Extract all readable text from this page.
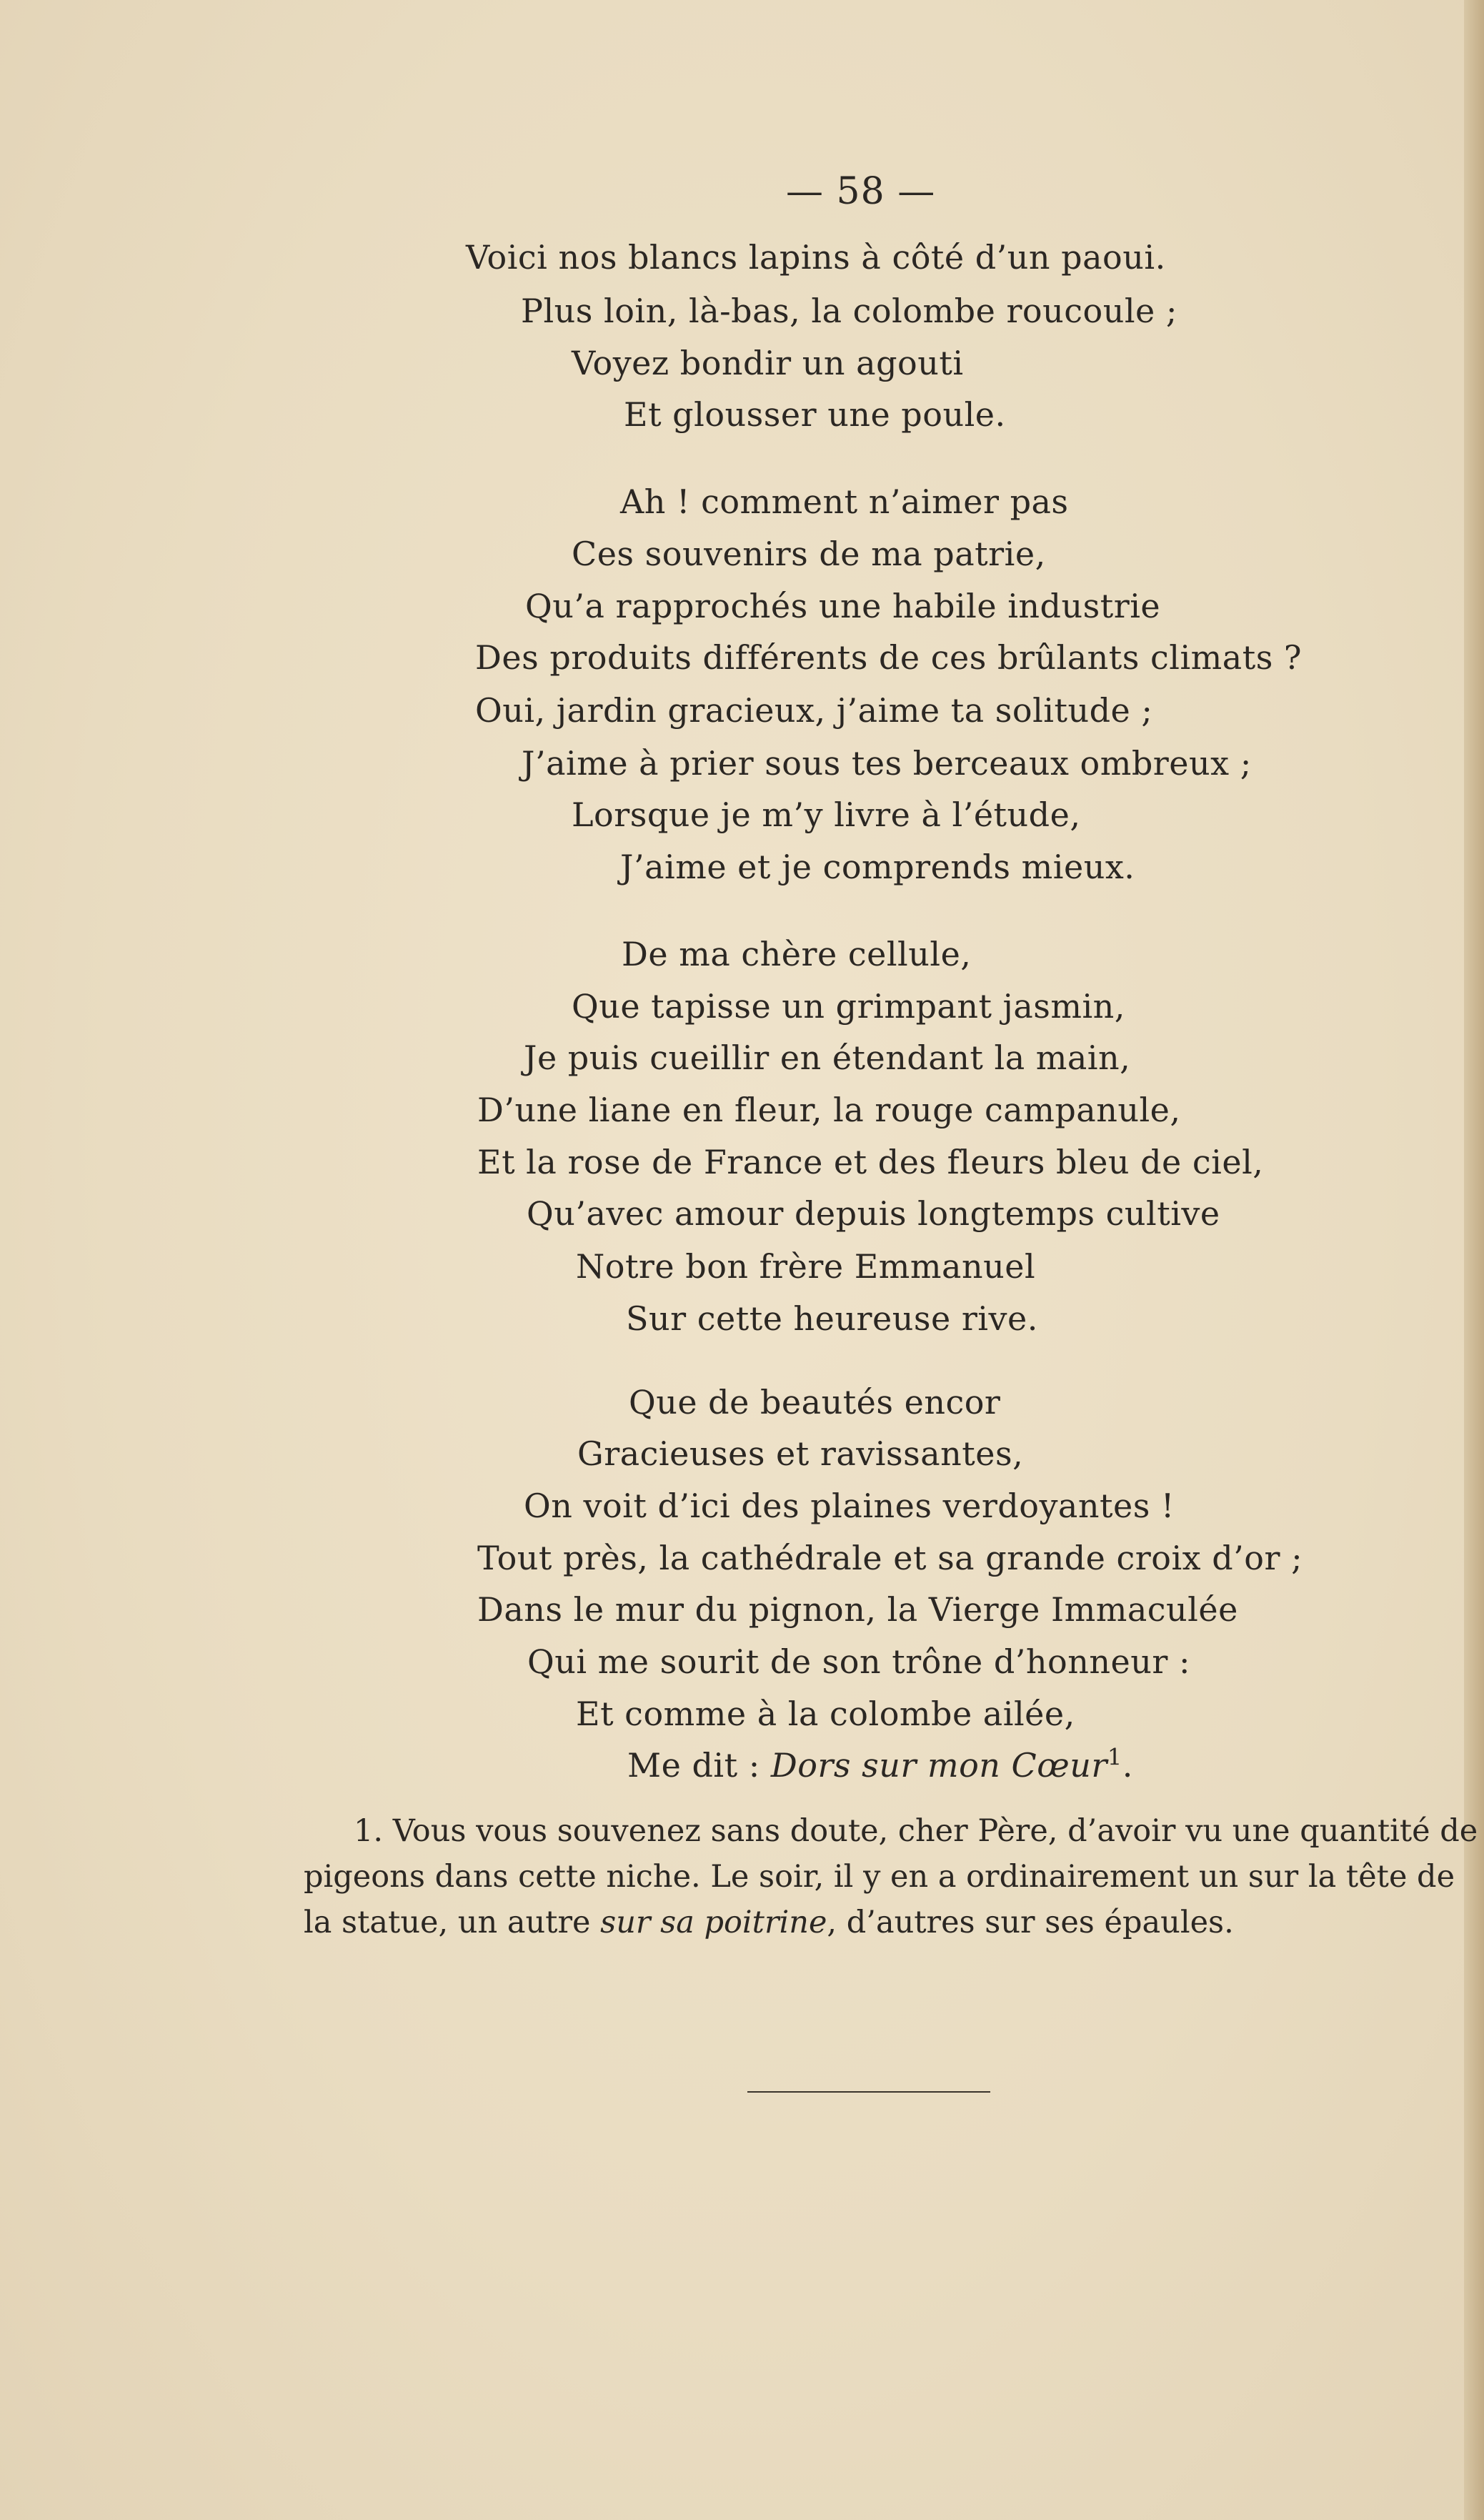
— 58 —
Voici nos blancs lapins à côté d’un paoui.
Plus loin, là-bas, la colombe roucoule ;
Voyez bondir un agouti
Et glousser une poule.
Ah ! comment n’aimer pas
Ces souvenirs de ma patrie,
Qu’a rapprochés une habile industrie
Des produits différents de ces brûlants climats ?
Oui, jardin gracieux, j’aime ta solitude ;
J’aime à prier sous tes berceaux ombreux ;
Lorsque je m’y livre à l’étude,
J’aime et je comprends mieux.
De ma chère cellule,
Que tapisse un grimpant jasmin,
Je puis cueillir en étendant la main,
D’une liane en fleur, la rouge campanule,
Et la rose de France et des fleurs bleu de ciel,
Qu’avec amour depuis longtemps cultive
Notre bon frère Emmanuel
Sur cette heureuse rive.
Que de beautés encor
Gracieuses et ravissantes,
On voit d’ici des plaines verdoyantes !
Tout près, la cathédrale et sa grande croix d’or ;
Dans le mur du pignon, la Vierge Immaculée
Qui me sourit de son trône d’honneur :
Et comme à la colombe ailée,
Me dit : Dors sur mon Cœur$^1$.
1. Vous vous souvenez sans doute, cher Père, d’avoir vu une quantité de
pigeons dans cette niche. Le soir, il y en a ordinairement un sur la tête de
la statue, un autre sur sa poitrine, d’autres sur ses épaules.
